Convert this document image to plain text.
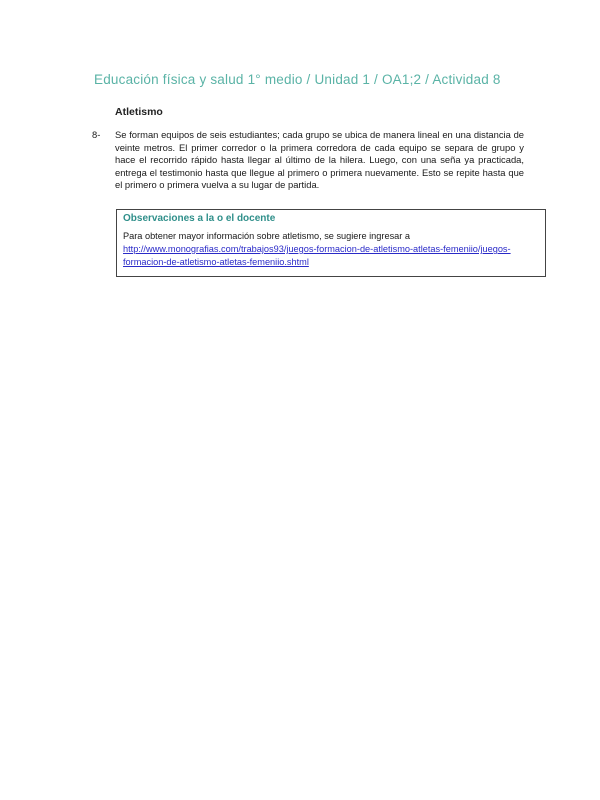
Educación física y salud 1° medio / Unidad 1 / OA1;2 / Actividad 8
Atletismo
8- Se forman equipos de seis estudiantes; cada grupo se ubica de manera lineal en una distancia de veinte metros. El primer corredor o la primera corredora de cada equipo se separa de grupo y hace el recorrido rápido hasta llegar al último de la hilera. Luego, con una seña ya practicada, entrega el testimonio hasta que llegue al primero o primera nuevamente. Esto se repite hasta que el primero o primera vuelva a su lugar de partida.
Observaciones a la o el docente
Para obtener mayor información sobre atletismo, se sugiere ingresar a
http://www.monografias.com/trabajos93/juegos-formacion-de-atletismo-atletas-femeniio/juegos-formacion-de-atletismo-atletas-femeniio.shtml
